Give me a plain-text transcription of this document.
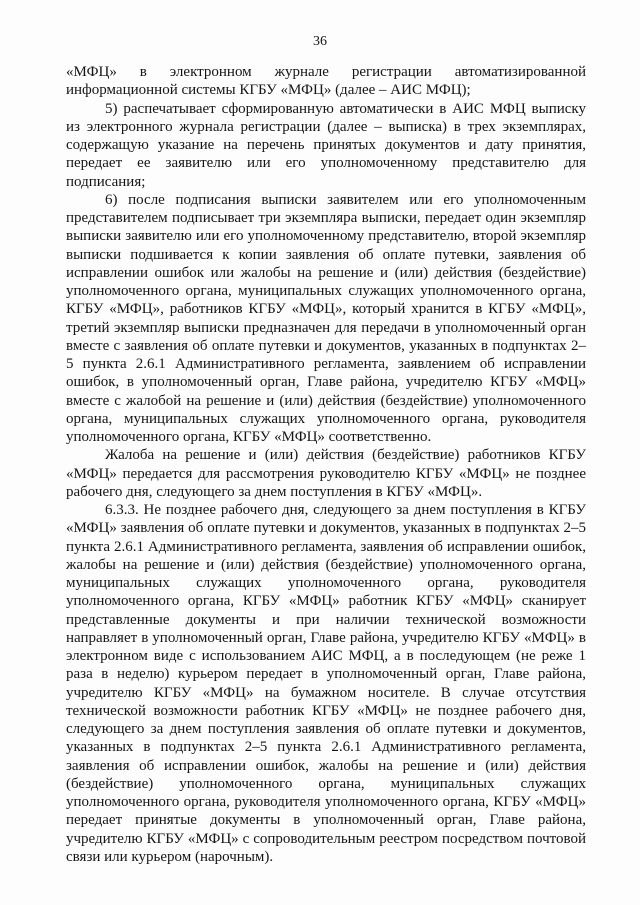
36

«МФЦ» в электронном журнале регистрации автоматизированной информационной системы КГБУ «МФЦ» (далее – АИС МФЦ);

5) распечатывает сформированную автоматически в АИС МФЦ выписку из электронного журнала регистрации (далее – выписка) в трех экземплярах, содержащую указание на перечень принятых документов и дату принятия, передает ее заявителю или его уполномоченному представителю для подписания;

6) после подписания выписки заявителем или его уполномоченным представителем подписывает три экземпляра выписки, передает один экземпляр выписки заявителю или его уполномоченному представителю, второй экземпляр выписки подшивается к копии заявления об оплате путевки, заявления об исправлении ошибок или жалобы на решение и (или) действия (бездействие) уполномоченного органа, муниципальных служащих уполномоченного органа, КГБУ «МФЦ», работников КГБУ «МФЦ», который хранится в КГБУ «МФЦ», третий экземпляр выписки предназначен для передачи в уполномоченный орган вместе с заявления об оплате путевки и документов, указанных в подпунктах 2–5 пункта 2.6.1 Административного регламента, заявлением об исправлении ошибок, в уполномоченный орган, Главе района, учредителю КГБУ «МФЦ» вместе с жалобой на решение и (или) действия (бездействие) уполномоченного органа, муниципальных служащих уполномоченного органа, руководителя уполномоченного органа, КГБУ «МФЦ» соответственно.

Жалоба на решение и (или) действия (бездействие) работников КГБУ «МФЦ» передается для рассмотрения руководителю КГБУ «МФЦ» не позднее рабочего дня, следующего за днем поступления в КГБУ «МФЦ».

6.3.3. Не позднее рабочего дня, следующего за днем поступления в КГБУ «МФЦ» заявления об оплате путевки и документов, указанных в подпунктах 2–5 пункта 2.6.1 Административного регламента, заявления об исправлении ошибок, жалобы на решение и (или) действия (бездействие) уполномоченного органа, муниципальных служащих уполномоченного органа, руководителя уполномоченного органа, КГБУ «МФЦ» работник КГБУ «МФЦ» сканирует представленные документы и при наличии технической возможности направляет в уполномоченный орган, Главе района, учредителю КГБУ «МФЦ» в электронном виде с использованием АИС МФЦ, а в последующем (не реже 1 раза в неделю) курьером передает в уполномоченный орган, Главе района, учредителю КГБУ «МФЦ» на бумажном носителе. В случае отсутствия технической возможности работник КГБУ «МФЦ» не позднее рабочего дня, следующего за днем поступления заявления об оплате путевки и документов, указанных в подпунктах 2–5 пункта 2.6.1 Административного регламента, заявления об исправлении ошибок, жалобы на решение и (или) действия (бездействие) уполномоченного органа, муниципальных служащих уполномоченного органа, руководителя уполномоченного органа, КГБУ «МФЦ» передает принятые документы в уполномоченный орган, Главе района, учредителю КГБУ «МФЦ» с сопроводительным реестром посредством почтовой связи или курьером (нарочным).
